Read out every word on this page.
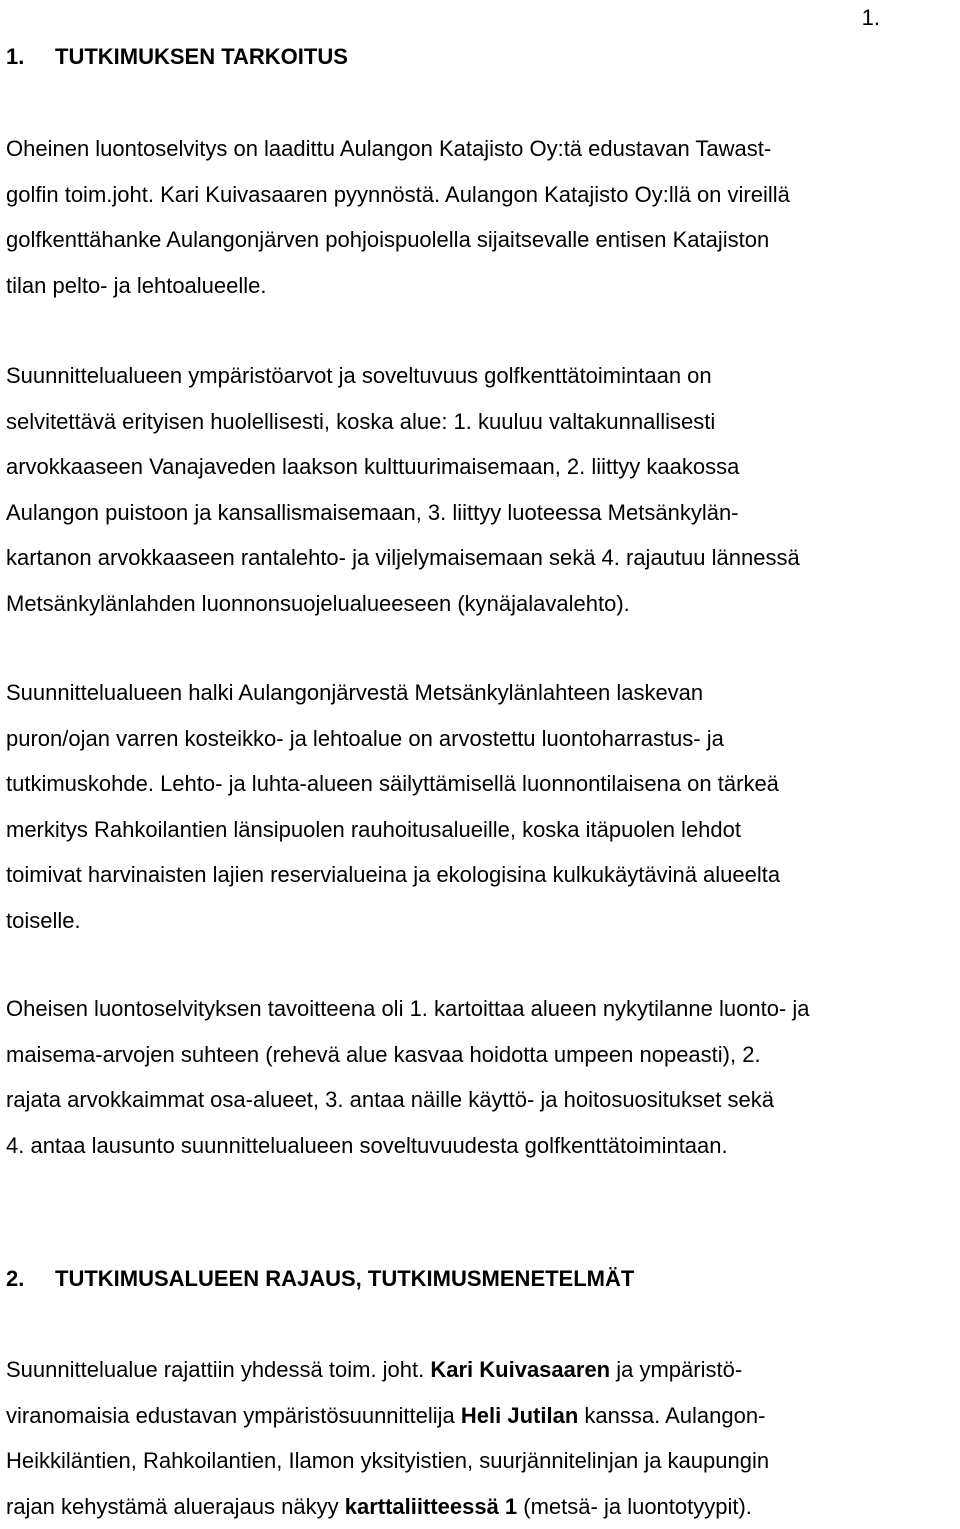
1.
1. TUTKIMUKSEN TARKOITUS
Oheinen luontoselvitys on laadittu Aulangon Katajisto Oy:tä edustavan Tawast-
golfin toim.joht. Kari Kuivasaaren pyynnöstä. Aulangon Katajisto Oy:llä on vireillä
golfkenttähanke Aulangonjärven pohjoispuolella sijaitsevalle entisen Katajiston
tilan pelto- ja lehtoalueelle.
Suunnittelualueen ympäristöarvot ja soveltuvuus golfkenttätoimintaan on
selvitettävä erityisen huolellisesti, koska alue: 1. kuuluu valtakunnallisesti
arvokkaaseen Vanajaveden laakson kulttuurimaisemaan, 2. liittyy kaakossa
Aulangon puistoon ja kansallismaisemaan, 3. liittyy luoteessa Metsänkylän-
kartanon arvokkaaseen rantalehto- ja viljelymaisemaan sekä 4. rajautuu lännessä
Metsänkylänlahden luonnonsuojelualueeseen (kynäjalavalehto).
Suunnittelualueen halki Aulangonjärvestä Metsänkylänlahteen laskevan
puron/ojan varren kosteikko- ja lehtoalue on arvostettu luontoharrastus- ja
tutkimuskohde. Lehto- ja luhta-alueen säilyttämisellä luonnontilaisena on tärkeä
merkitys Rahkoilantien länsipuolen rauhoitusalueille, koska itäpuolen lehdot
toimivat harvinaisten lajien reservialueina ja ekologisina kulkukäytävinä alueelta
toiselle.
Oheisen luontoselvityksen tavoitteena oli 1. kartoittaa alueen nykytilanne luonto- ja
maisema-arvojen suhteen (rehevä alue kasvaa hoidotta umpeen nopeasti), 2.
rajata arvokkaimmat osa-alueet, 3. antaa näille käyttö- ja hoitosuositukset sekä
4. antaa lausunto suunnittelualueen soveltuvuudesta golfkenttätoimintaan.
2. TUTKIMUSALUEEN RAJAUS, TUTKIMUSMENETELMÄT
Suunnittelualue rajattiin yhdessä toim. joht. Kari Kuivasaaren ja ympäristö-
viranomaisia edustavan ympäristösuunnittelija Heli Jutilan kanssa. Aulangon-
Heikkiläntien, Rahkoilantien, Ilamon yksityistien, suurjännitelinjan ja kaupungin
rajan kehystämä aluerajaus näkyy karttaliitteessä 1 (metsä- ja luontotyypit).
